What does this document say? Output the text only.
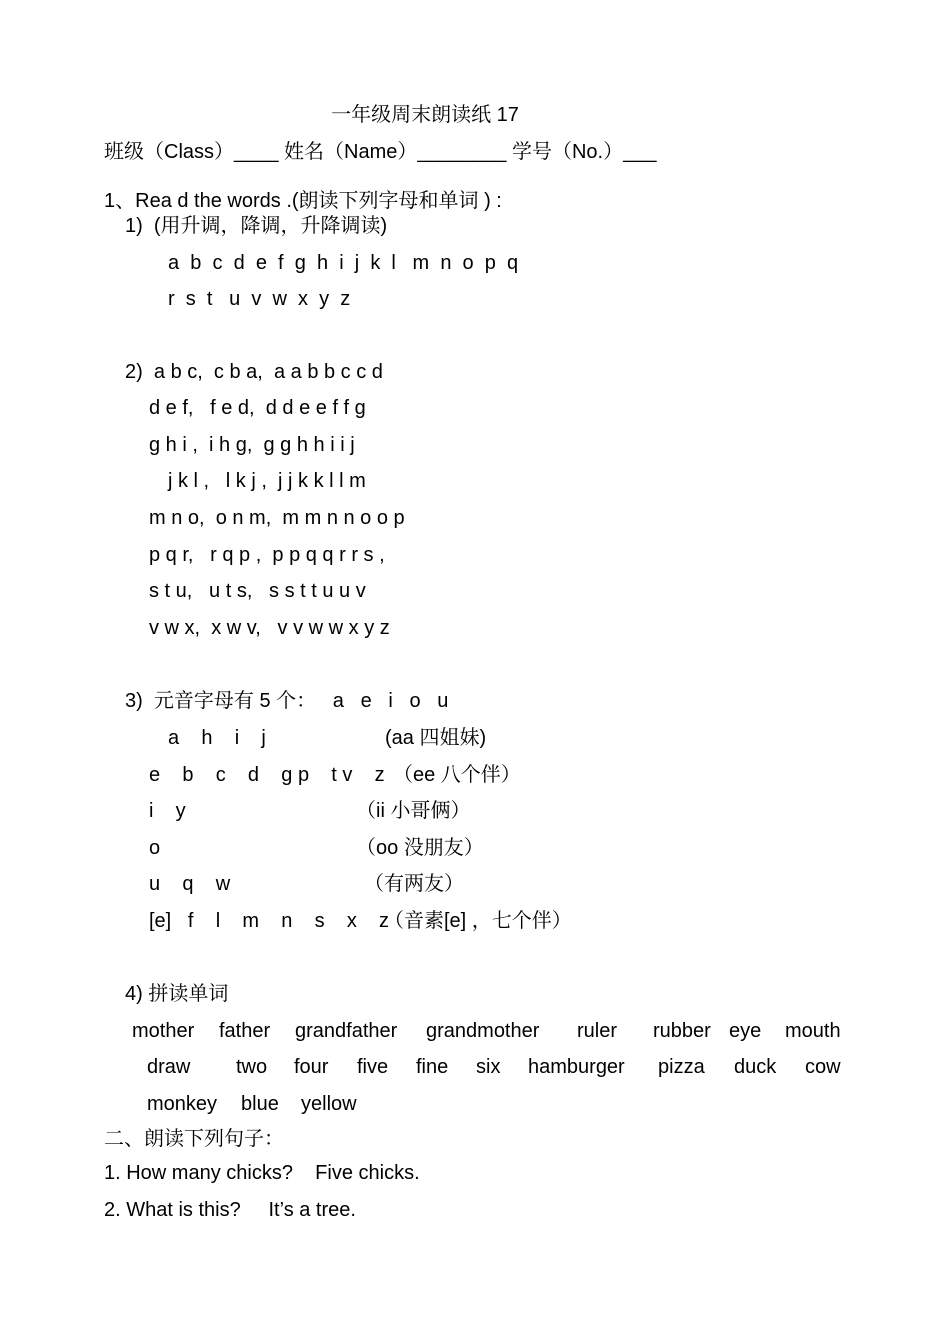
一年级周末朗读纸 17
班级（Class）____ 姓名（Name）________ 学号（No.）___
1、Rea d the words .(朗读下列字母和单词 ) :
1)  (用升调，降调，升降调读)
a  b  c  d  e  f  g  h  i  j  k  l   m  n  o  p  q
r  s  t   u  v  w  x  y  z
2)  a b c,  c b a,  a a b b c c d
d e f,   f e d,  d d e e f f g
g h i ,  i h g,  g g h h i i j
j k l ,   l k j ,  j j k k l l m
m n o,  o n m,  m m n n o o p
p q r,   r q p ,  p p q q r r s ,
s t u,   u t s,   s s t t u u v
v w x,  x w v,   v v w w x y z
3)  元音字母有 5 个：   a   e   i   o   u
a    h    i    j	(aa 四姐妹)
e    b    c    d    g p    t v    z （ee 八个伴）
i    y	（ii 小哥俩）
o	（oo 没朋友）
u    q    w	（有两友）
[e]   f    l    m    n    s    x    z
（音素[e] ，七个伴）
4) 拼读单词
mother father grandfather grandmother ruler rubber eye mouth
draw two four five fine six hamburger pizza duck cow
monkey blue yellow
二、朗读下列句子：
1. How many chicks?    Five chicks.
2. What is this?     It’s a tree.
